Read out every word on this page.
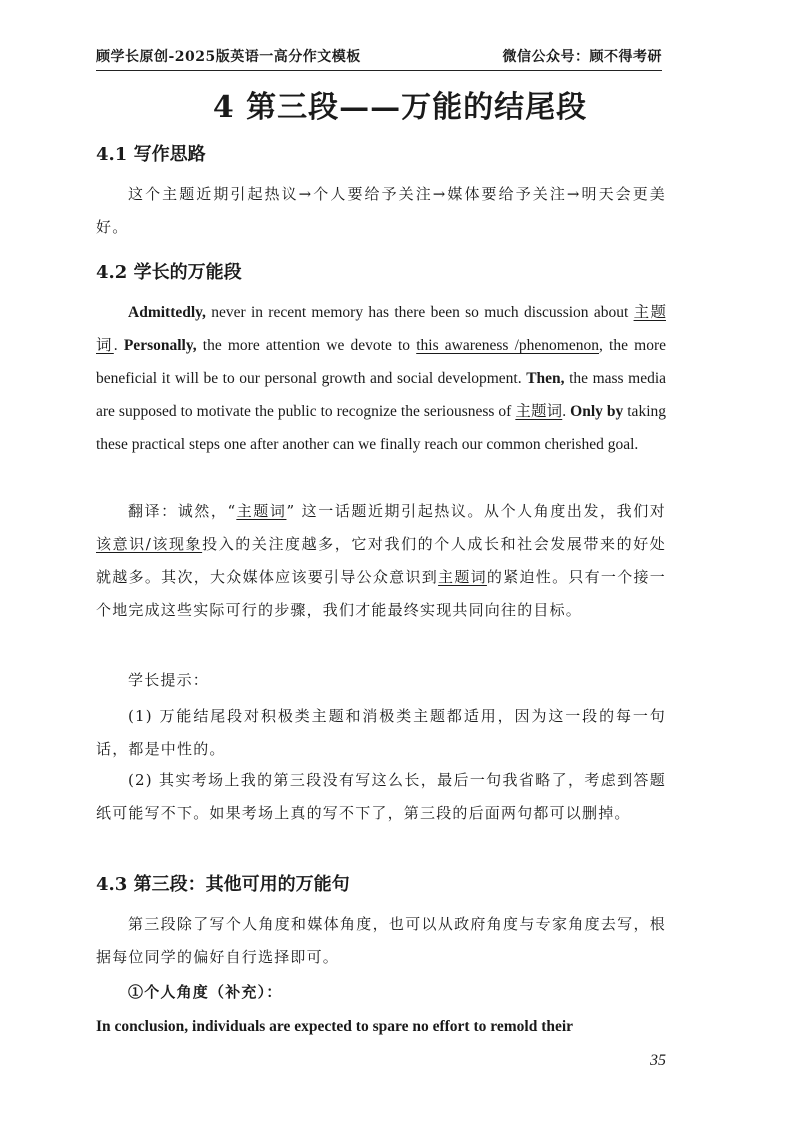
顾学长原创-2025版英语一高分作文模板	微信公众号：顾不得考研
4 第三段——万能的结尾段
4.1 写作思路
这个主题近期引起热议→个人要给予关注→媒体要给予关注→明天会更美好。
4.2 学长的万能段
Admittedly, never in recent memory has there been so much discussion about 主题词. Personally, the more attention we devote to this awareness /phenomenon, the more beneficial it will be to our personal growth and social development. Then, the mass media are supposed to motivate the public to recognize the seriousness of 主题词. Only by taking these practical steps one after another can we finally reach our common cherished goal.
翻译：诚然，“主题词” 这一话题近期引起热议。从个人角度出发，我们对该意识/该现象投入的关注度越多，它对我们的个人成长和社会发展带来的好处就越多。其次，大众媒体应该要引导公众意识到主题词的紧迫性。只有一个接一个地完成这些实际可行的步骤，我们才能最终实现共同向往的目标。
学长提示：
(1) 万能结尾段对积极类主题和消极类主题都适用，因为这一段的每一句话，都是中性的。
(2) 其实考场上我的第三段没有写这么长，最后一句我省略了，考虑到答题纸可能写不下。如果考场上真的写不下了，第三段的后面两句都可以删掉。
4.3 第三段：其他可用的万能句
第三段除了写个人角度和媒体角度，也可以从政府角度与专家角度去写，根据每位同学的偏好自行选择即可。
①个人角度（补充）：
In conclusion, individuals are expected to spare no effort to remold their
35
